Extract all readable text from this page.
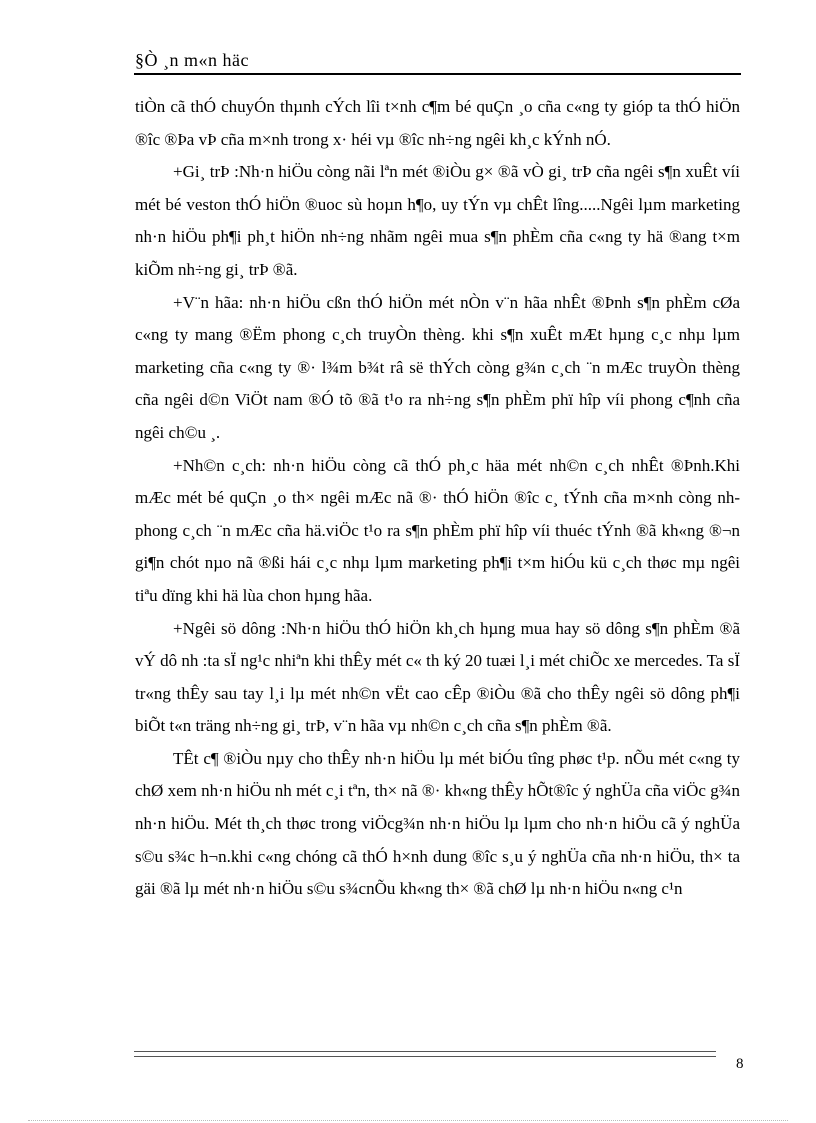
§Ò ¸n m«n häc

tiÒn cã thÓ chuyÓn thµnh cÝch lîi t×nh c¶m bé quÇn ¸o cña c«ng ty gióp ta thÓ hiÖn ®îc ®Þa vÞ cña m×nh trong x· héi vµ ®îc nh÷ng ngêi kh¸c kÝnh nÓ.

+Gi¸ trÞ :Nh·n hiÖu còng nãi lªn mét ®iÒu g× ®ã vÒ gi¸ trÞ cña ngêi s¶n xuÊt víi mét bé veston thÓ hiÖn ®uoc sù hoµn h¶o, uy tÝn vµ chÊt lîng.....Ngêi lµm marketing nh·n hiÖu ph¶i ph¸t hiÖn nh÷ng nhãm ngêi mua s¶n phÈm cña c«ng ty hä ®ang t×m kiÕm nh÷ng gi¸ trÞ ®ã.

+V¨n hãa: nh·n hiÖu cßn thÓ hiÖn mét nÒn v¨n hãa nhÊt ®Þnh s¶n phÈm cØa c«ng ty mang ®Ëm phong c¸ch truyÒn thèng. khi s¶n xuÊt mÆt hµng c¸c nhµ lµm marketing cña c«ng ty ®· l¾m b¾t râ së thÝch còng g¾n c¸ch ¨n mÆc truyÒn thèng cña ngêi d©n ViÖt nam ®Ó tõ ®ã t¹o ra nh÷ng s¶n phÈm phï hîp víi phong c¶nh cña ngêi ch©u ¸.

+Nh©n c¸ch: nh·n hiÖu còng cã thÓ ph¸c häa mét nh©n c¸ch nhÊt ®Þnh.Khi mÆc mét bé quÇn ¸o th× ngêi mÆc nã ®· thÓ hiÖn ®îc c¸ tÝnh cña m×nh còng nh phong c¸ch ¨n mÆc cña hä.viÖc t¹o ra s¶n phÈm phï hîp víi thuéc tÝnh ®ã kh«ng ®¬n gi¶n chót nµo nã ®ßi hái c¸c nhµ lµm marketing ph¶i t×m hiÓu kü c¸ch thøc mµ ngêi tiªu dïng khi hä lùa chon hµng hãa.

+Ngêi sö dông :Nh·n hiÖu thÓ hiÖn kh¸ch hµng mua hay sö dông s¶n phÈm ®ã vÝ dô nh :ta sÏ ng¹c nhiªn khi thÊy mét c« th ký 20 tuæi l¸i mét chiÕc xe mercedes. Ta sÏ tr«ng thÊy sau tay l¸i lµ mét nh©n vËt cao cÊp ®iÒu ®ã cho thÊy ngêi sö dông ph¶i biÕt t«n träng nh÷ng gi¸ trÞ, v¨n hãa vµ nh©n c¸ch cña s¶n phÈm ®ã.

TÊt c¶ ®iÒu nµy cho thÊy nh·n hiÖu lµ mét biÓu tîng phøc t¹p. nÕu mét c«ng ty chØ xem nh·n hiÖu nh mét c¸i tªn, th× nã ®· kh«ng thÊy hÕt®îc ý nghÜa cña viÖc g¾n nh·n hiÖu. Mét th¸ch thøc trong viÖcg¾n nh·n hiÖu lµ lµm cho nh·n hiÖu cã ý nghÜa s©u s¾c h¬n.khi c«ng chóng cã thÓ h×nh dung ®îc s¸u ý nghÜa cña nh·n hiÖu, th× ta gäi ®ã lµ mét nh·n hiÖu s©u s¾cnÕu kh«ng th× ®ã chØ lµ nh·n hiÖu n«ng c¹n

8
